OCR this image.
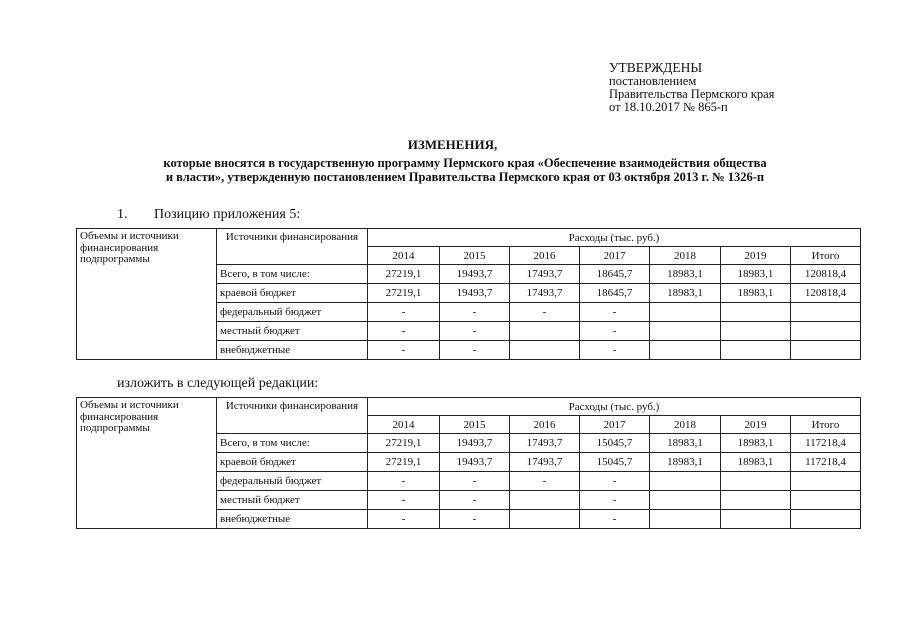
УТВЕРЖДЕНЫ
постановлением
Правительства Пермского края
от 18.10.2017 № 865-п
ИЗМЕНЕНИЯ,
которые вносятся в государственную программу Пермского края «Обеспечение взаимодействия общества
и власти», утвержденную постановлением Правительства Пермского края от 03 октября 2013 г. № 1326-п
1. Позицию приложения 5:
Объемы и источники финансирования подпрограммы	Источники финансирования	Расходы (тыс. руб.)						
		2014	2015	2016	2017	2018	2019	Итого
	Всего, в том числе:	27219,1	19493,7	17493,7	18645,7	18983,1	18983,1	120818,4
	краевой бюджет	27219,1	19493,7	17493,7	18645,7	18983,1	18983,1	120818,4
	федеральный бюджет	-	-	-	-			
	местный бюджет	-	-		-			
	внебюджетные	-	-		-			
изложить в следующей редакции:
Объемы и источники финансирования подпрограммы	Источники финансирования	Расходы (тыс. руб.)						
		2014	2015	2016	2017	2018	2019	Итого
	Всего, в том числе:	27219,1	19493,7	17493,7	15045,7	18983,1	18983,1	117218,4
	краевой бюджет	27219,1	19493,7	17493,7	15045,7	18983,1	18983,1	117218,4
	федеральный бюджет	-	-	-	-			
	местный бюджет	-	-		-			
	внебюджетные	-	-		-			
